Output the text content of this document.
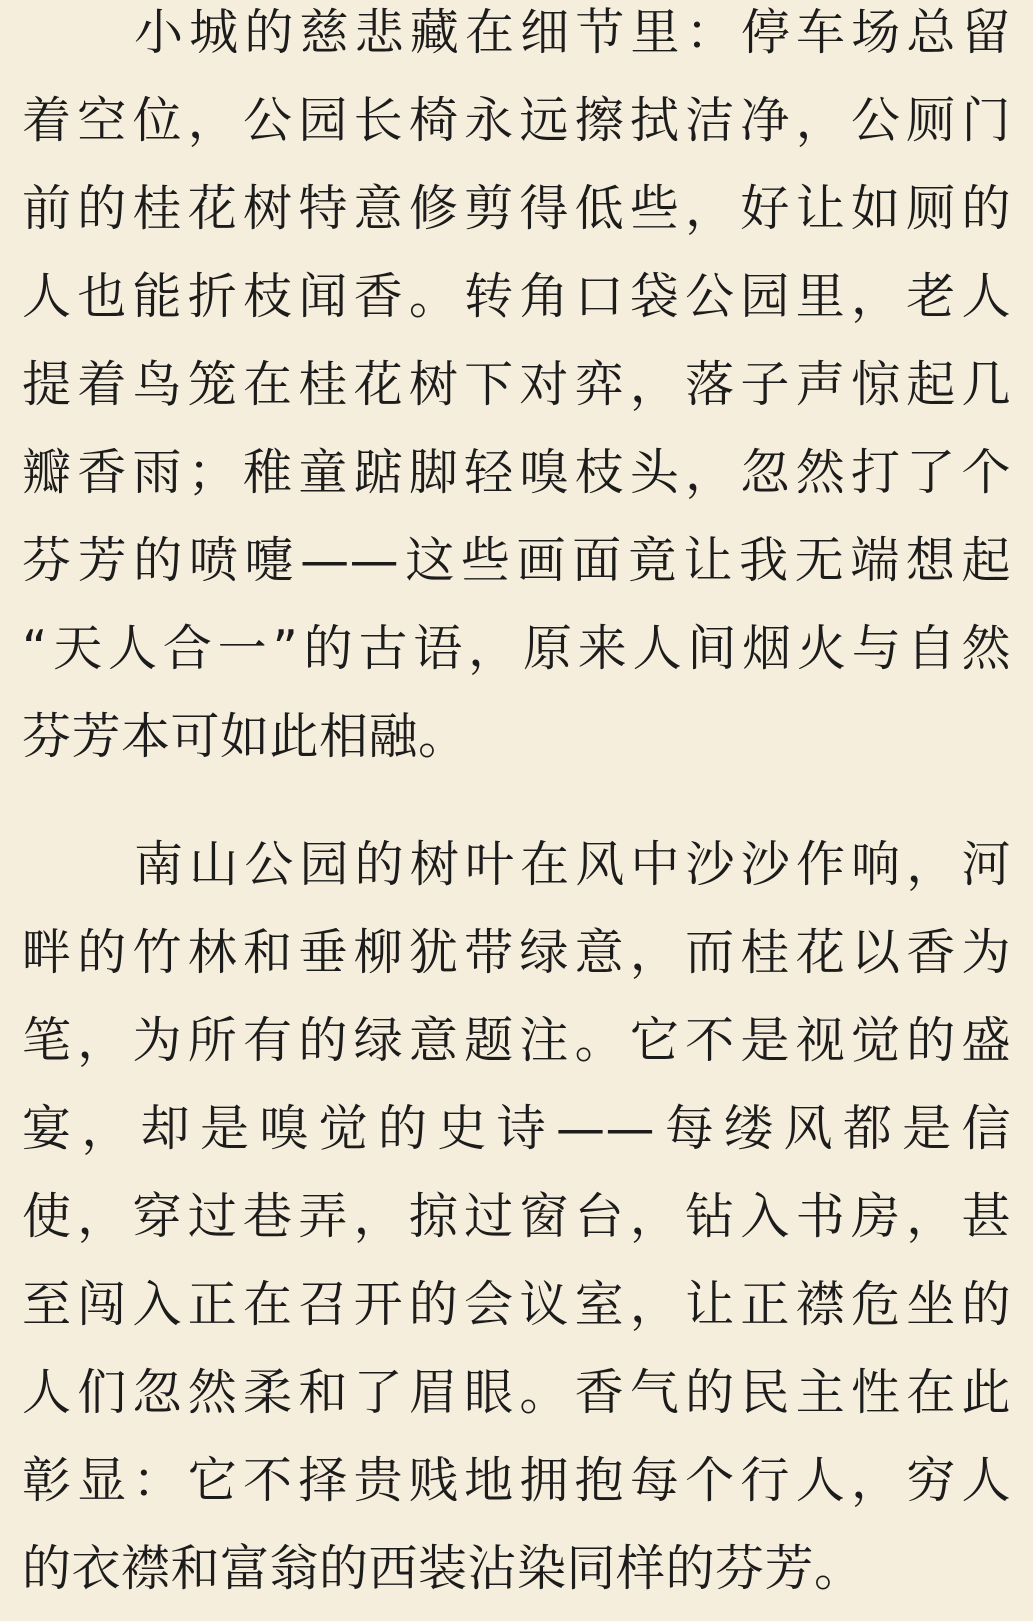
小城的慈悲藏在细节里：停车场总留
着空位，公园长椅永远擦拭洁净，公厕门
前的桂花树特意修剪得低些，好让如厕的
人也能折枝闻香。转角口袋公园里，老人
提着鸟笼在桂花树下对弈，落子声惊起几
瓣香雨；稚童踮脚轻嗅枝头，忽然打了个
芬芳的喷嚏——这些画面竟让我无端想起
“天人合一”的古语，原来人间烟火与自然
芬芳本可如此相融。
南山公园的树叶在风中沙沙作响，河
畔的竹林和垂柳犹带绿意，而桂花以香为
笔，为所有的绿意题注。它不是视觉的盛
宴，却是嗅觉的史诗——每缕风都是信
使，穿过巷弄，掠过窗台，钻入书房，甚
至闯入正在召开的会议室，让正襟危坐的
人们忽然柔和了眉眼。香气的民主性在此
彰显：它不择贵贱地拥抱每个行人，穷人
的衣襟和富翁的西装沾染同样的芬芳。
